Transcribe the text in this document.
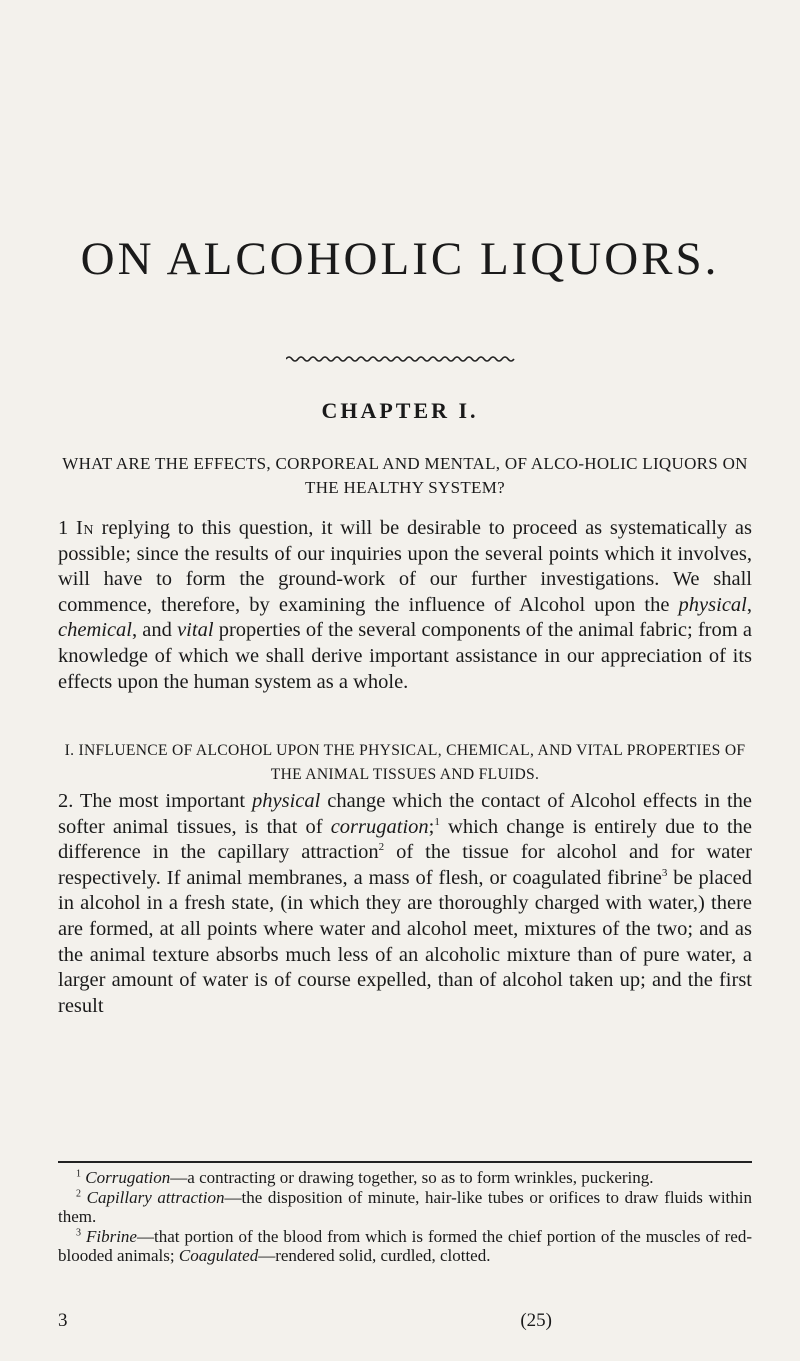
ON ALCOHOLIC LIQUORS.
CHAPTER I.

WHAT ARE THE EFFECTS, CORPOREAL AND MENTAL, OF ALCO-HOLIC LIQUORS ON THE HEALTHY SYSTEM?

1 In replying to this question, it will be desirable to proceed as systematically as possible; since the results of our inquiries upon the several points which it involves, will have to form the ground-work of our further investigations. We shall commence, therefore, by examining the influence of Alcohol upon the physical, chemical, and vital properties of the several components of the animal fabric; from a knowledge of which we shall derive important assistance in our appreciation of its effects upon the human system as a whole.

I. INFLUENCE OF ALCOHOL UPON THE PHYSICAL, CHEMICAL, AND VITAL PROPERTIES OF THE ANIMAL TISSUES AND FLUIDS.

2. The most important physical change which the contact of Alcohol effects in the softer animal tissues, is that of corrugation;$^1$ which change is entirely due to the difference in the capillary attraction$^2$ of the tissue for alcohol and for water respectively. If animal membranes, a mass of flesh, or coagulated fibrine$^3$ be placed in alcohol in a fresh state, (in which they are thoroughly charged with water,) there are formed, at all points where water and alcohol meet, mixtures of the two; and as the animal texture absorbs much less of an alcoholic mixture than of pure water, a larger amount of water is of course expelled, than of alcohol taken up; and the first result

$^1$ Corrugation—a contracting or drawing together, so as to form wrinkles, puckering.

$^2$ Capillary attraction—the disposition of minute, hair-like tubes or orifices to draw fluids within them.

$^3$ Fibrine—that portion of the blood from which is formed the chief portion of the muscles of red-blooded animals; Coagulated—rendered solid, curdled, clotted.

3	(25)
